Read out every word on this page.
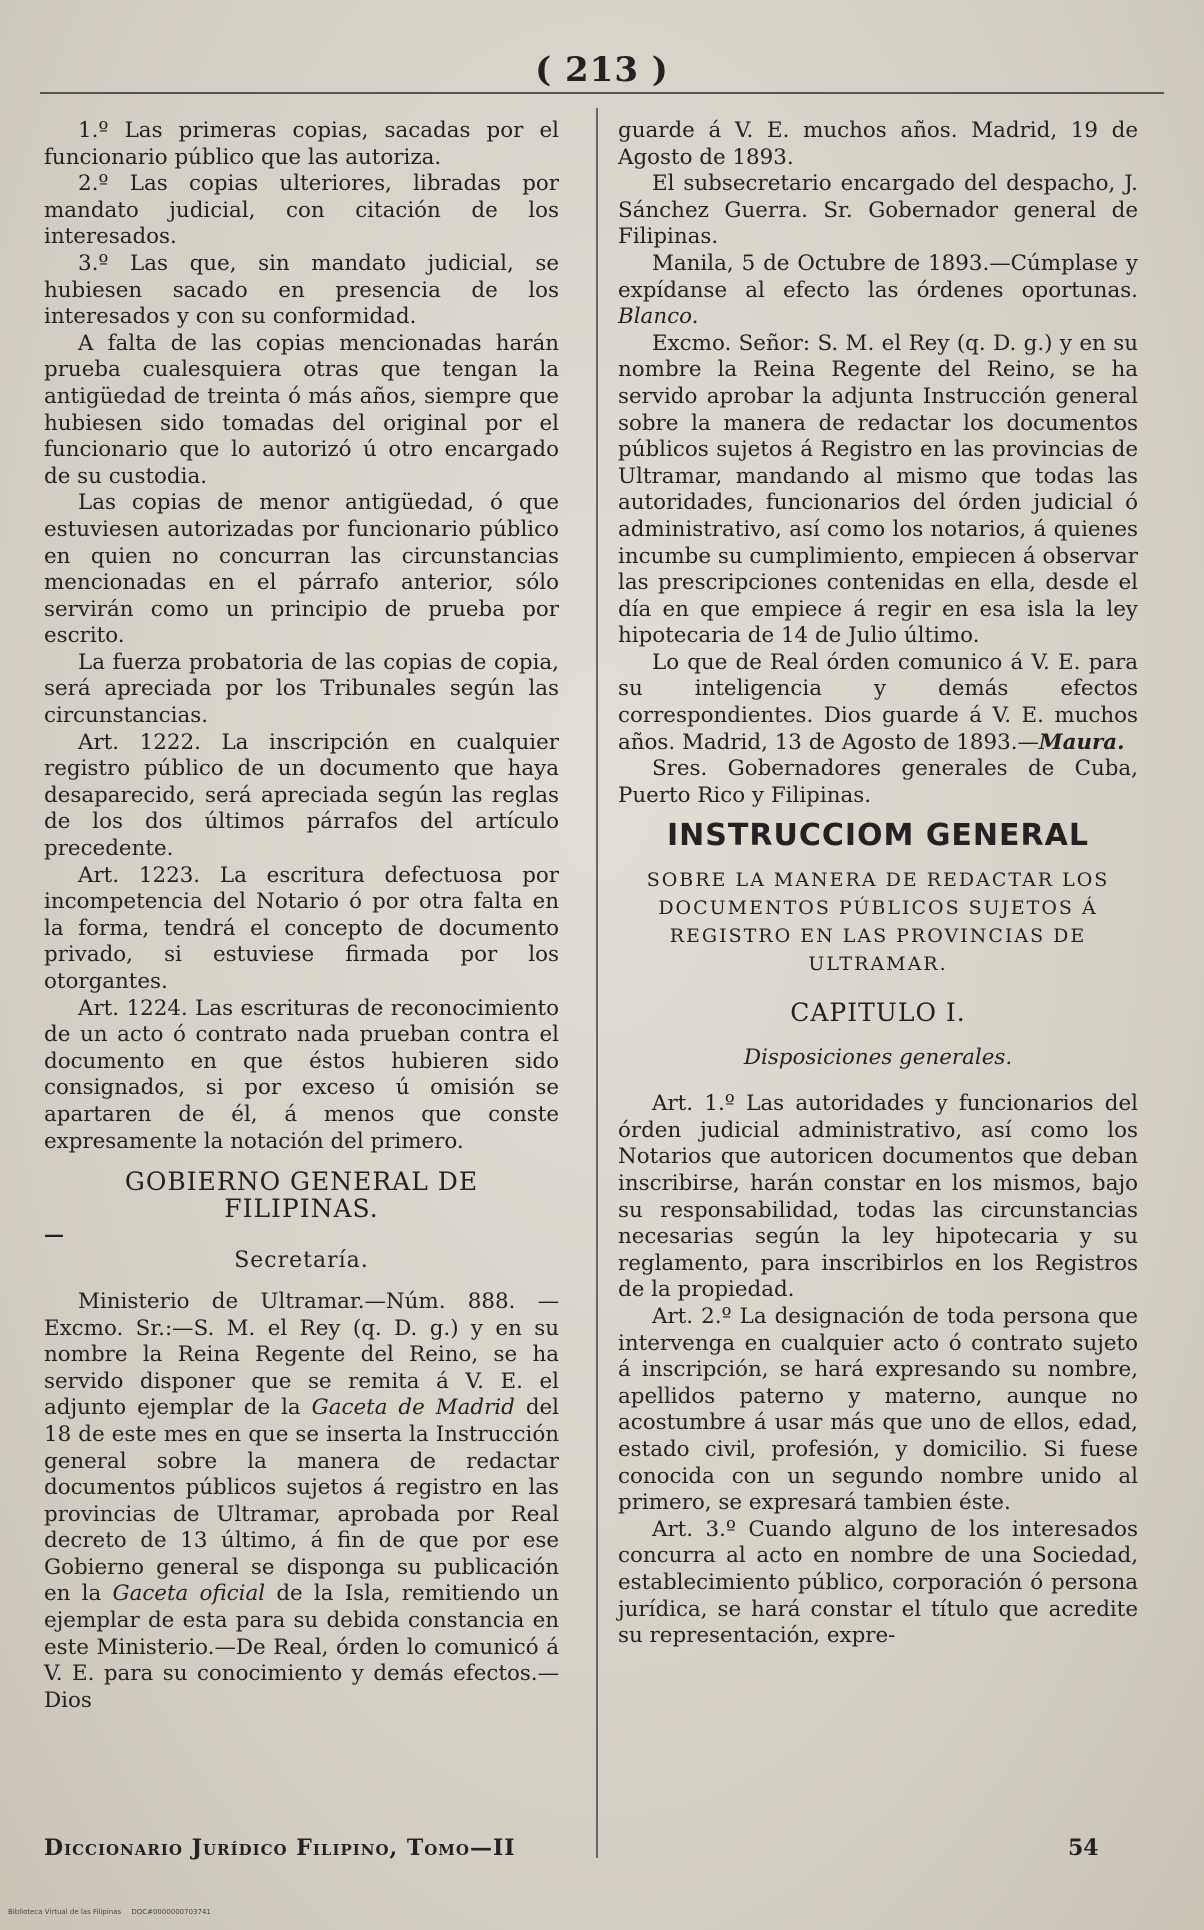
( 213 )

1.º Las primeras copias, sacadas por el funcionario público que las autoriza.

2.º Las copias ulteriores, libradas por mandato judicial, con citación de los interesados.

3.º Las que, sin mandato judicial, se hubiesen sacado en presencia de los interesados y con su conformidad.

A falta de las copias mencionadas harán prueba cualesquiera otras que tengan la antigüedad de treinta ó más años, siempre que hubiesen sido tomadas del original por el funcionario que lo autorizó ú otro encargado de su custodia.

Las copias de menor antigüedad, ó que estuviesen autorizadas por funcionario público en quien no concurran las circunstancias mencionadas en el párrafo anterior, sólo servirán como un principio de prueba por escrito.

La fuerza probatoria de las copias de copia, será apreciada por los Tribunales según las circunstancias.

Art. 1222. La inscripción en cualquier registro público de un documento que haya desaparecido, será apreciada según las reglas de los dos últimos párrafos del artículo precedente.

Art. 1223. La escritura defectuosa por incompetencia del Notario ó por otra falta en la forma, tendrá el concepto de documento privado, si estuviese firmada por los otorgantes.

Art. 1224. Las escrituras de reconocimiento de un acto ó contrato nada prueban contra el documento en que éstos hubieren sido consignados, si por exceso ú omisión se apartaren de él, á menos que conste expresamente la notación del primero.

GOBIERNO GENERAL DE FILIPINAS.

—

Secretaría.

Ministerio de Ultramar.—Núm. 888. — Excmo. Sr.:—S. M. el Rey (q. D. g.) y en su nombre la Reina Regente del Reino, se ha servido disponer que se remita á V. E. el adjunto ejemplar de la Gaceta de Madrid del 18 de este mes en que se inserta la Instrucción general sobre la manera de redactar documentos públicos sujetos á registro en las provincias de Ultramar, aprobada por Real decreto de 13 último, á fin de que por ese Gobierno general se disponga su publicación en la Gaceta oficial de la Isla, remitiendo un ejemplar de esta para su debida constancia en este Ministerio.—De Real, órden lo comunicó á V. E. para su conocimiento y demás efectos.—Dios

guarde á V. E. muchos años. Madrid, 19 de Agosto de 1893.

El subsecretario encargado del despacho, J. Sánchez Guerra. Sr. Gobernador general de Filipinas.

Manila, 5 de Octubre de 1893.—Cúmplase y expídanse al efecto las órdenes oportunas. Blanco.

Excmo. Señor: S. M. el Rey (q. D. g.) y en su nombre la Reina Regente del Reino, se ha servido aprobar la adjunta Instrucción general sobre la manera de redactar los documentos públicos sujetos á Registro en las provincias de Ultramar, mandando al mismo que todas las autoridades, funcionarios del órden judicial ó administrativo, así como los notarios, á quienes incumbe su cumplimiento, empiecen á observar las prescripciones contenidas en ella, desde el día en que empiece á regir en esa isla la ley hipotecaria de 14 de Julio último.

Lo que de Real órden comunico á V. E. para su inteligencia y demás efectos correspondientes. Dios guarde á V. E. muchos años. Madrid, 13 de Agosto de 1893.—Maura.

Sres. Gobernadores generales de Cuba, Puerto Rico y Filipinas.

INSTRUCCIOM GENERAL
SOBRE LA MANERA DE REDACTAR LOS DOCUMENTOS PÚBLICOS SUJETOS Á REGISTRO EN LAS PROVINCIAS DE ULTRAMAR.
CAPITULO I.
Disposiciones generales.

Art. 1.º Las autoridades y funcionarios del órden judicial administrativo, así como los Notarios que autoricen documentos que deban inscribirse, harán constar en los mismos, bajo su responsabilidad, todas las circunstancias necesarias según la ley hipotecaria y su reglamento, para inscribirlos en los Registros de la propiedad.

Art. 2.º La designación de toda persona que intervenga en cualquier acto ó contrato sujeto á inscripción, se hará expresando su nombre, apellidos paterno y materno, aunque no acostumbre á usar más que uno de ellos, edad, estado civil, profesión, y domicilio. Si fuese conocida con un segundo nombre unido al primero, se expresará tambien éste.

Art. 3.º Cuando alguno de los interesados concurra al acto en nombre de una Sociedad, establecimiento público, corporación ó persona jurídica, se hará constar el título que acredite su representación, expre-

Diccionario Jurídico Filipino, Tomo—II	54
Biblioteca Virtual de las Filipinas DOC#0000000703741
